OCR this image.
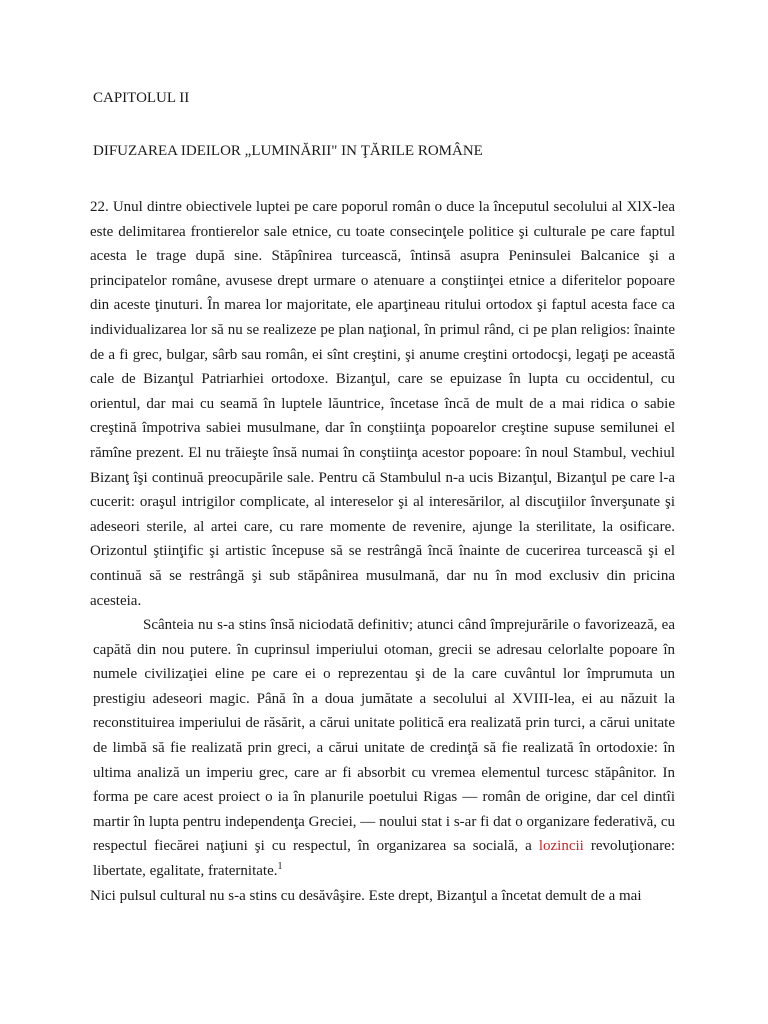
CAPITOLUL II
DIFUZAREA IDEILOR „LUMINĂRII" IN ŢĂRILE ROMÂNE

22. Unul dintre obiectivele luptei pe care poporul român o duce la începutul secolului al XlX-lea este delimitarea frontierelor sale etnice, cu toate consecinţele politice şi culturale pe care faptul acesta le trage după sine. Stăpînirea turcească, întinsă asupra Peninsulei Balcanice şi a principatelor române, avusese drept urmare o atenuare a conştiinţei etnice a diferitelor popoare din aceste ţinuturi. În marea lor majoritate, ele aparţineau ritului ortodox şi faptul acesta face ca individualizarea lor să nu se realizeze pe plan naţional, în primul rând, ci pe plan religios: înainte de a fi grec, bulgar, sârb sau român, ei sînt creştini, şi anume creştini ortodocşi, legaţi pe această cale de Bizanţul Patriarhiei ortodoxe. Bizanţul, care se epuizase în lupta cu occidentul, cu orientul, dar mai cu seamă în luptele lăuntrice, încetase încă de mult de a mai ridica o sabie creştină împotriva sabiei musulmane, dar în conştiinţa popoarelor creştine supuse semilunei el rămîne prezent. El nu trăieşte însă numai în conştiinţa acestor popoare: în noul Stambul, vechiul Bizanţ îşi continuă preocupările sale. Pentru că Stambulul n-a ucis Bizanţul, Bizanţul pe care l-a cucerit: oraşul intrigilor complicate, al intereselor şi al interesărilor, al discuţiilor înverşunate şi adeseori sterile, al artei care, cu rare momente de revenire, ajunge la sterilitate, la osificare. Orizontul ştiinţific şi artistic începuse să se restrângă încă înainte de cucerirea turcească şi el continuă să se restrângă şi sub stăpânirea musulmană, dar nu în mod exclusiv din pricina acesteia.

Scânteia nu s-a stins însă niciodată definitiv; atunci când împrejurările o favorizează, ea capătă din nou putere. în cuprinsul imperiului otoman, grecii se adresau celorlalte popoare în numele civilizaţiei eline pe care ei o reprezentau şi de la care cuvântul lor împrumuta un prestigiu adeseori magic. Până în a doua jumătate a secolului al XVIII-lea, ei au năzuit la reconstituirea imperiului de răsărit, a cărui unitate politică era realizată prin turci, a cărui unitate de limbă să fie realizată prin greci, a cărui unitate de credinţă să fie realizată în ortodoxie: în ultima analiză un imperiu grec, care ar fi absorbit cu vremea elementul turcesc stăpânitor. In forma pe care acest proiect o ia în planurile poetului Rigas — român de origine, dar cel dintîi martir în lupta pentru independenţa Greciei, — noului stat i s-ar fi dat o organizare federativă, cu respectul fiecărei naţiuni şi cu respectul, în organizarea sa socială, a lozincii revoluţionare: libertate, egalitate, fraternitate.$^1$

Nici pulsul cultural nu s-a stins cu desăvâşire. Este drept, Bizanţul a încetat demult de a mai
